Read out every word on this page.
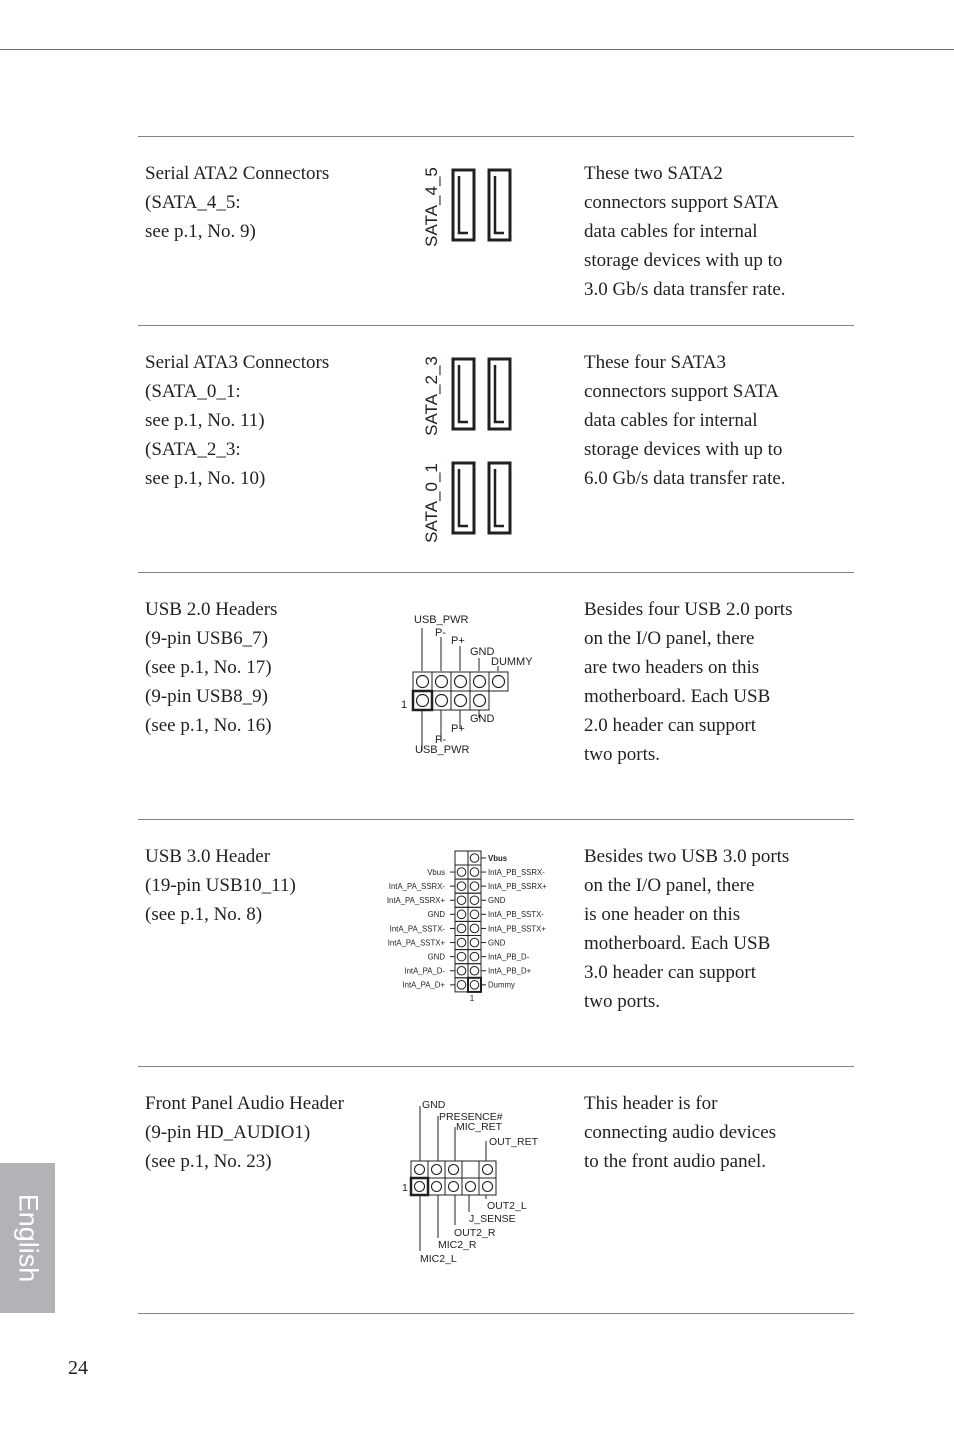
Serial ATA2 Connectors
(SATA_4_5:
see p.1, No. 9)	SATA_4_5	These two SATA2
connectors support SATA
data cables for internal
storage devices with up to
3.0 Gb/s data transfer rate.
Serial ATA3 Connectors
(SATA_0_1:
see p.1, No. 11)
(SATA_2_3:
see p.1, No. 10)
SATA_2_3
SATA_0_1
These four SATA3
connectors support SATA
data cables for internal
storage devices with up to
6.0 Gb/s data transfer rate.
USB 2.0 Headers
(9-pin USB6_7)
(see p.1, No. 17)
(9-pin USB8_9)
(see p.1, No. 16)
USB_PWR
P-
P+
GND
DUMMY
1
GND
P+
P-
USB_PWR
Besides four USB 2.0 ports
on the I/O panel, there
are two headers on this
motherboard. Each USB
2.0 header can support
two ports.
USB 3.0 Header
(19-pin USB10_11)
(see p.1, No. 8)
Vbus
IntA_PA_SSRX-
IntA_PA_SSRX+
GND
IntA_PA_SSTX-
IntA_PA_SSTX+
GND
IntA_PA_D-
IntA_PA_D+
Vbus
IntA_PB_SSRX-
IntA_PB_SSRX+
GND
IntA_PB_SSTX-
IntA_PB_SSTX+
GND
IntA_PB_D-
IntA_PB_D+
Dummy
1
Besides two USB 3.0 ports
on the I/O panel, there
is one header on this
motherboard. Each USB
3.0 header can support
two ports.
Front Panel Audio Header
(9-pin HD_AUDIO1)
(see p.1, No. 23)
GND
PRESENCE#
MIC_RET
OUT_RET
1
OUT2_L
J_SENSE
OUT2_R
MIC2_R
MIC2_L
This header is for
connecting audio devices
to the front audio panel.
English
24
